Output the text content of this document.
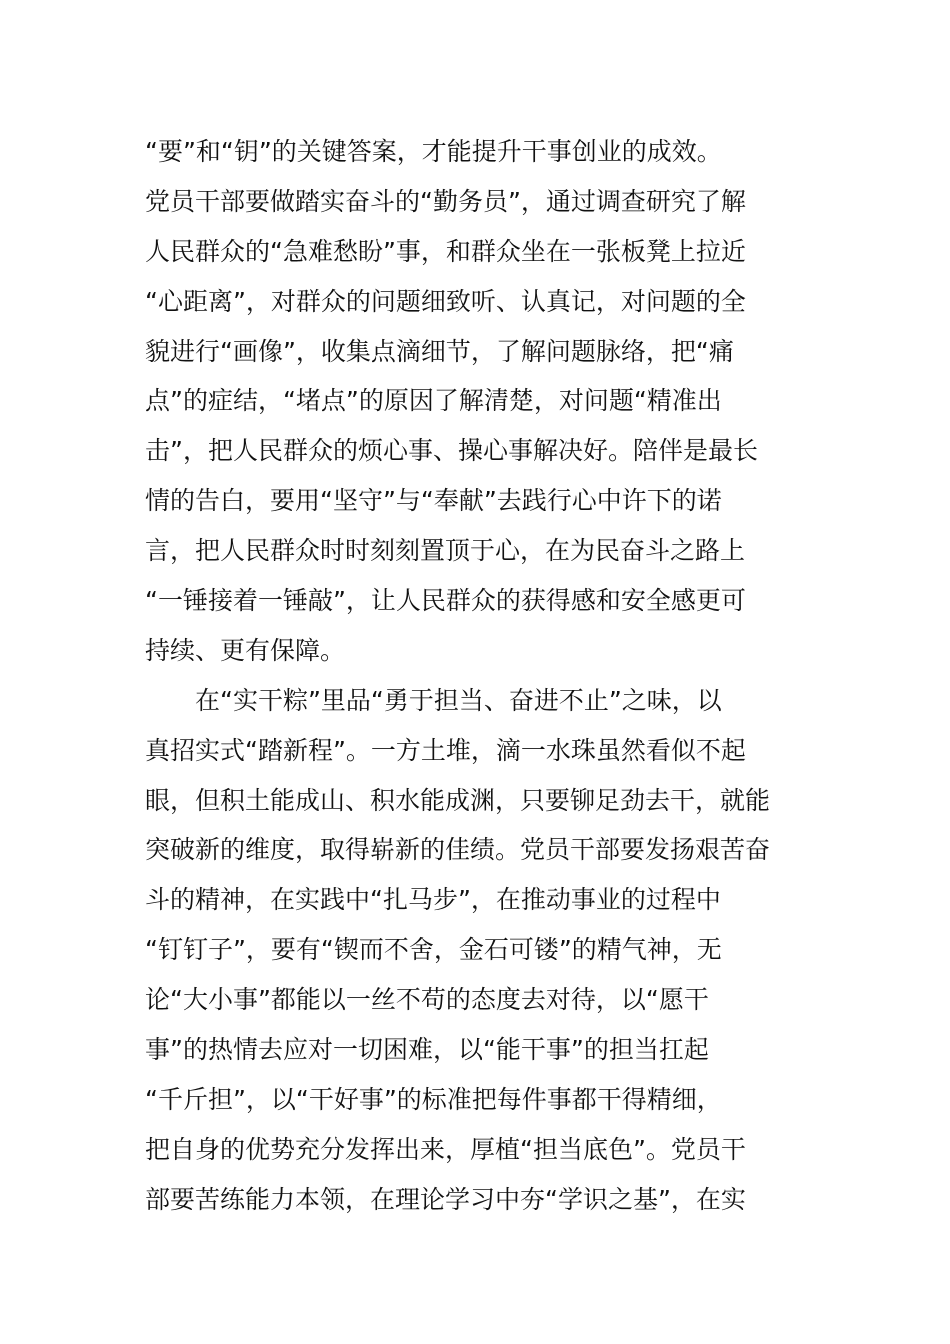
“要”和“钥”的关键答案，才能提升干事创业的成效。
党员干部要做踏实奋斗的“勤务员”，通过调查研究了解
人民群众的“急难愁盼”事，和群众坐在一张板凳上拉近
“心距离”，对群众的问题细致听、认真记，对问题的全
貌进行“画像”，收集点滴细节，了解问题脉络，把“痛
点”的症结，“堵点”的原因了解清楚，对问题“精准出
击”，把人民群众的烦心事、操心事解决好。陪伴是最长
情的告白，要用“坚守”与“奉献”去践行心中许下的诺
言，把人民群众时时刻刻置顶于心，在为民奋斗之路上
“一锤接着一锤敲”，让人民群众的获得感和安全感更可
持续、更有保障。
　　在“实干粽”里品“勇于担当、奋进不止”之味，以
真招实式“踏新程”。一方土堆，滴一水珠虽然看似不起
眼，但积土能成山、积水能成渊，只要铆足劲去干，就能
突破新的维度，取得崭新的佳绩。党员干部要发扬艰苦奋
斗的精神，在实践中“扎马步”，在推动事业的过程中
“钉钉子”，要有“锲而不舍，金石可镂”的精气神，无
论“大小事”都能以一丝不苟的态度去对待，以“愿干
事”的热情去应对一切困难，以“能干事”的担当扛起
“千斤担”，以“干好事”的标准把每件事都干得精细，
把自身的优势充分发挥出来，厚植“担当底色”。党员干
部要苦练能力本领，在理论学习中夯“学识之基”，在实
